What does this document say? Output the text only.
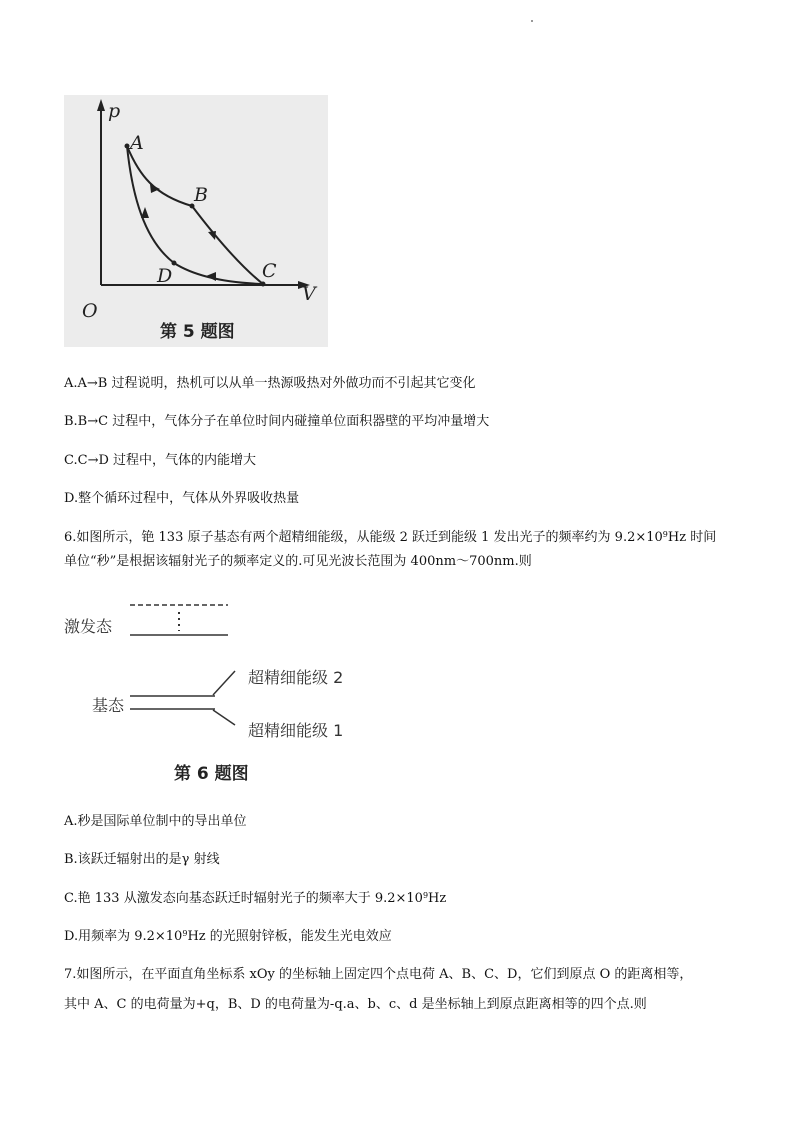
p
V
O
A
B
C
D
第 5 题图
A.A→B 过程说明，热机可以从单一热源吸热对外做功而不引起其它变化
B.B→C 过程中，气体分子在单位时间内碰撞单位面积器壁的平均冲量增大
C.C→D 过程中，气体的内能增大
D.整个循环过程中，气体从外界吸收热量
6.如图所示，铯 133 原子基态有两个超精细能级，从能级 2 跃迁到能级 1 发出光子的频率约为 $9.2\times 10^9Hz$ 时间
单位“秒”是根据该辐射光子的频率定义的.可见光波长范围为 400nm～700nm.则
激发态
基态
超精细能级 2
超精细能级 1
第 6 题图
A.秒是国际单位制中的导出单位
B.该跃迁辐射出的是γ 射线
C.艳 133 从激发态向基态跃迁时辐射光子的频率大于 $9.2\times 10^9Hz$
D.用频率为 $9.2\times 10^9Hz$ 的光照射锌板，能发生光电效应
7.如图所示，在平面直角坐标系 xOy 的坐标轴上固定四个点电荷 A、B、C、D，它们到原点 O 的距离相等，
其中 A、C 的电荷量为+q，B、D 的电荷量为-q.a、b、c、d 是坐标轴上到原点距离相等的四个点.则
